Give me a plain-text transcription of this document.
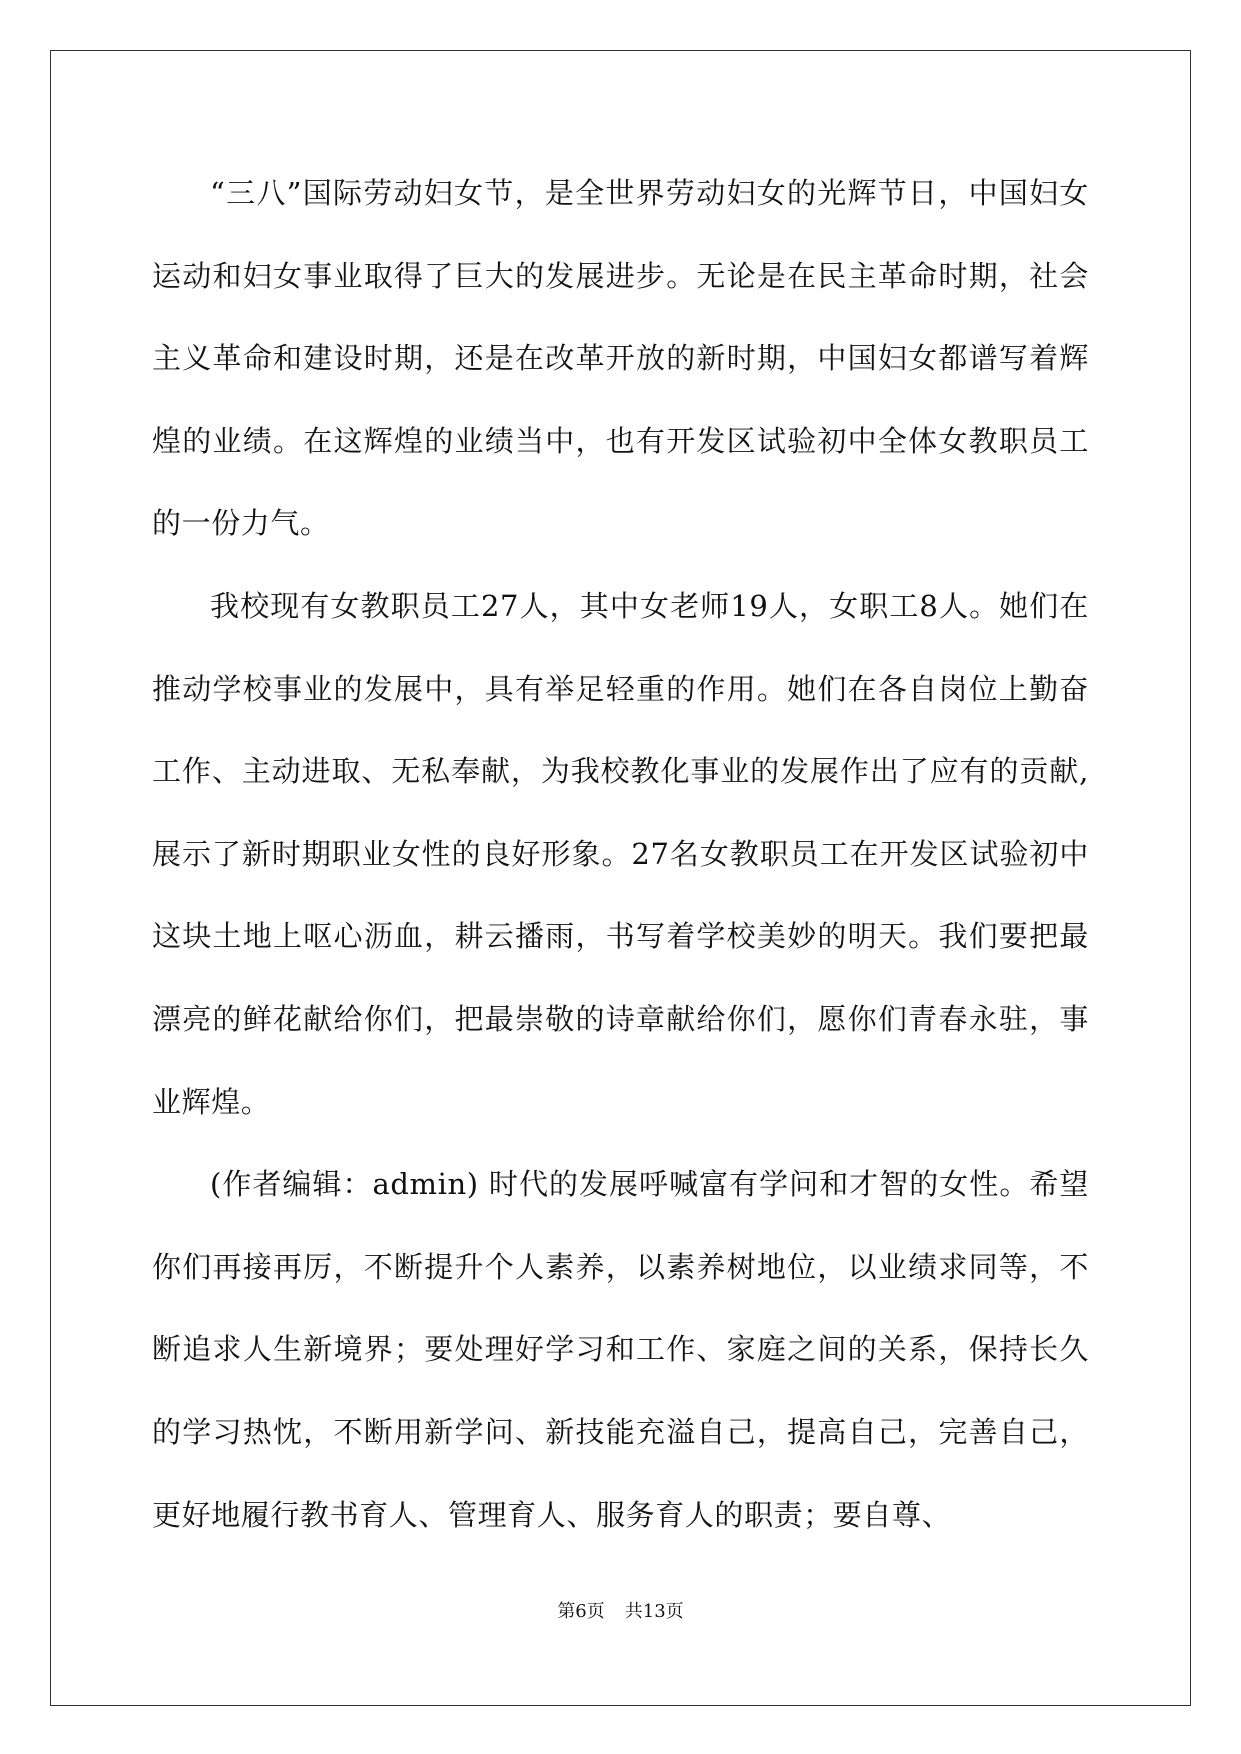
“三八”国际劳动妇女节，是全世界劳动妇女的光辉节日，中国妇女运动和妇女事业取得了巨大的发展进步。无论是在民主革命时期，社会主义革命和建设时期，还是在改革开放的新时期，中国妇女都谱写着辉煌的业绩。在这辉煌的业绩当中，也有开发区试验初中全体女教职员工的一份力气。

我校现有女教职员工27人，其中女老师19人，女职工8人。她们在推动学校事业的发展中，具有举足轻重的作用。她们在各自岗位上勤奋工作、主动进取、无私奉献，为我校教化事业的发展作出了应有的贡献,展示了新时期职业女性的良好形象。27名女教职员工在开发区试验初中这块土地上呕心沥血，耕云播雨，书写着学校美妙的明天。我们要把最漂亮的鲜花献给你们，把最崇敬的诗章献给你们，愿你们青春永驻，事业辉煌。

(作者编辑：admin) 时代的发展呼喊富有学问和才智的女性。希望你们再接再厉，不断提升个人素养，以素养树地位，以业绩求同等，不断追求人生新境界；要处理好学习和工作、家庭之间的关系，保持长久的学习热忱，不断用新学问、新技能充溢自己，提高自己，完善自己，更好地履行教书育人、管理育人、服务育人的职责；要自尊、

第6页 共13页
